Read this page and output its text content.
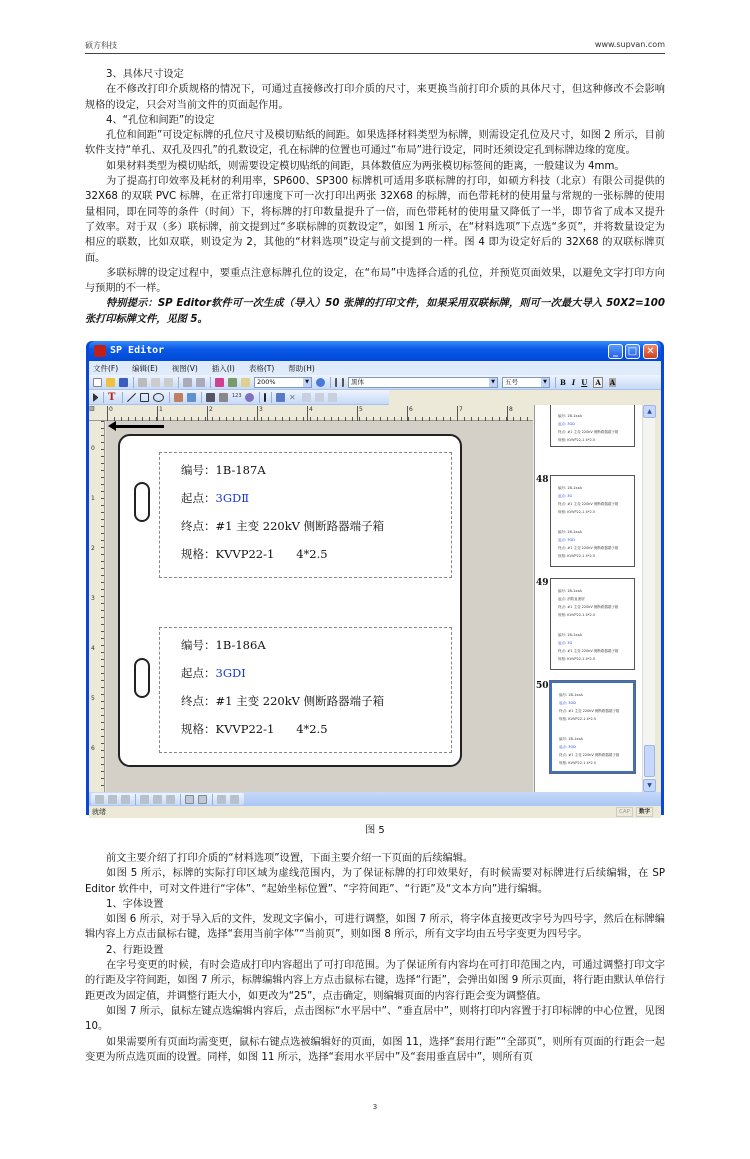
硕方科技	www.supvan.com

3、具体尺寸设定

在不修改打印介质规格的情况下，可通过直接修改打印介质的尺寸，来更换当前打印介质的具体尺寸，但这种修改不会影响规格的设定，只会对当前文件的页面起作用。

4、“孔位和间距”的设定

孔位和间距”可设定标牌的孔位尺寸及模切贴纸的间距。如果选择材料类型为标牌，则需设定孔位及尺寸，如图 2 所示，目前软件支持“单孔、双孔及四孔”的孔数设定，孔在标牌的位置也可通过“布局”进行设定，同时还须设定孔到标牌边缘的宽度。

如果材料类型为模切贴纸，则需要设定模切贴纸的间距，具体数值应为两张模切标签间的距离，一般建议为 4mm。

为了提高打印效率及耗材的利用率，SP600、SP300 标牌机可适用多联标牌的打印，如硕方科技（北京）有限公司提供的 32X68 的双联 PVC 标牌，在正常打印速度下可一次打印出两张 32X68 的标牌，而色带耗材的使用量与常规的一张标牌的使用量相同，即在同等的条件（时间）下，将标牌的打印数量提升了一倍，而色带耗材的使用量又降低了一半，即节省了成本又提升了效率。对于双（多）联标牌，前文提到过“多联标牌的页数设定”，如图 1 所示，在“材料选项”下点选“多页”，并将数量设定为相应的联数，比如双联，则设定为 2，其他的“材料选项”设定与前文提到的一样。图 4 即为设定好后的 32X68 的双联标牌页面。

多联标牌的设定过程中，要重点注意标牌孔位的设定，在“布局”中选择合适的孔位，并预览页面效果，以避免文字打印方向与预期的不一样。

特别提示：SP Editor软件可一次生成（导入）50 张牌的打印文件，如果采用双联标牌，则可一次最大导入 50X2=100 张打印标牌文件，见图 5。

SP Editor	_ □ ✕
文件(F) 编辑(E) 视图(V) 插入(I) 表格(T) 帮助(H)
200%	▼	黑体	▼	五号	▼ B I U A A
T	123	✕
▥	0	1	2	3	4	5	6	7	8
0
1
2
3
4
5
6
编号：1B-187A
起点：3GDⅡ
终点：#1 主变 220kV 侧断路器端子箱
规格：KVVP22-1      4*2.5
编号：1B-186A
起点：3GDⅠ
终点：#1 主变 220kV 侧断路器端子箱
规格：KVVP22-1      4*2.5
编号: 1B-1xxA
起点: 3GD
终点: #1 主变 220kV 侧断路器端子箱
规格: KVVP22-1 4*2.5
48
编号: 1B-1xxA
起点: 3G
终点: #1 主变 220kV 侧断路器端子箱
规格: KVVP22-1 4*2.5
编号: 1B-1xxA
起点: 3GD
终点: #1 主变 220kV 侧断路器端子箱
规格: KVVP22-1 4*2.5
49
编号: 1B-1xxA
起点: 消防直流屏
终点: #1 主变 220kV 侧断路器端子箱
规格: KVVP22-1 4*2.5
编号: 1B-1xxA
起点: 3G
终点: #1 主变 220kV 侧断路器端子箱
规格: KVVP22-1 4*2.5
50
编号: 1B-1xxA
起点: 3GD
终点: #1 主变 220kV 侧断路器端子箱
规格: KVVP22-1 4*2.5
编号: 1B-1xxA
起点: 3GD
终点: #1 主变 220kV 侧断路器端子箱
规格: KVVP22-1 4*2.5
▲
▼
就绪	CAP	数字
图 5

前文主要介绍了打印介质的“材料选项”设置，下面主要介绍一下页面的后续编辑。

如图 5 所示，标牌的实际打印区域为虚线范围内，为了保证标牌的打印效果好，有时候需要对标牌进行后续编辑，在 SP Editor 软件中，可对文件进行“字体”、“起始坐标位置”、“字符间距”、“行距”及“文本方向”进行编辑。

1、字体设置

如图 6 所示，对于导入后的文件，发现文字偏小，可进行调整，如图 7 所示，将字体直接更改字号为四号字，然后在标牌编辑内容上方点击鼠标右键，选择“套用当前字体”“当前页”，则如图 8 所示，所有文字均由五号字变更为四号字。

2、行距设置

在字号变更的时候，有时会造成打印内容超出了可打印范围。为了保证所有内容均在可打印范围之内，可通过调整打印文字的行距及字符间距，如图 7 所示，标牌编辑内容上方点击鼠标右键，选择“行距”，会弹出如图 9 所示页面，将行距由默认单倍行距更改为固定值，并调整行距大小，如更改为“25”，点击确定，则编辑页面的内容行距会变为调整值。

如图 7 所示，鼠标左键点选编辑内容后，点击图标“水平居中”、“垂直居中”，则将打印内容置于打印标牌的中心位置，见图 10。

如果需要所有页面均需变更，鼠标右键点选被编辑好的页面，如图 11，选择“套用行距”“全部页”，则所有页面的行距会一起变更为所点选页面的设置。同样，如图 11 所示，选择“套用水平居中”及“套用垂直居中”，则所有页

3
